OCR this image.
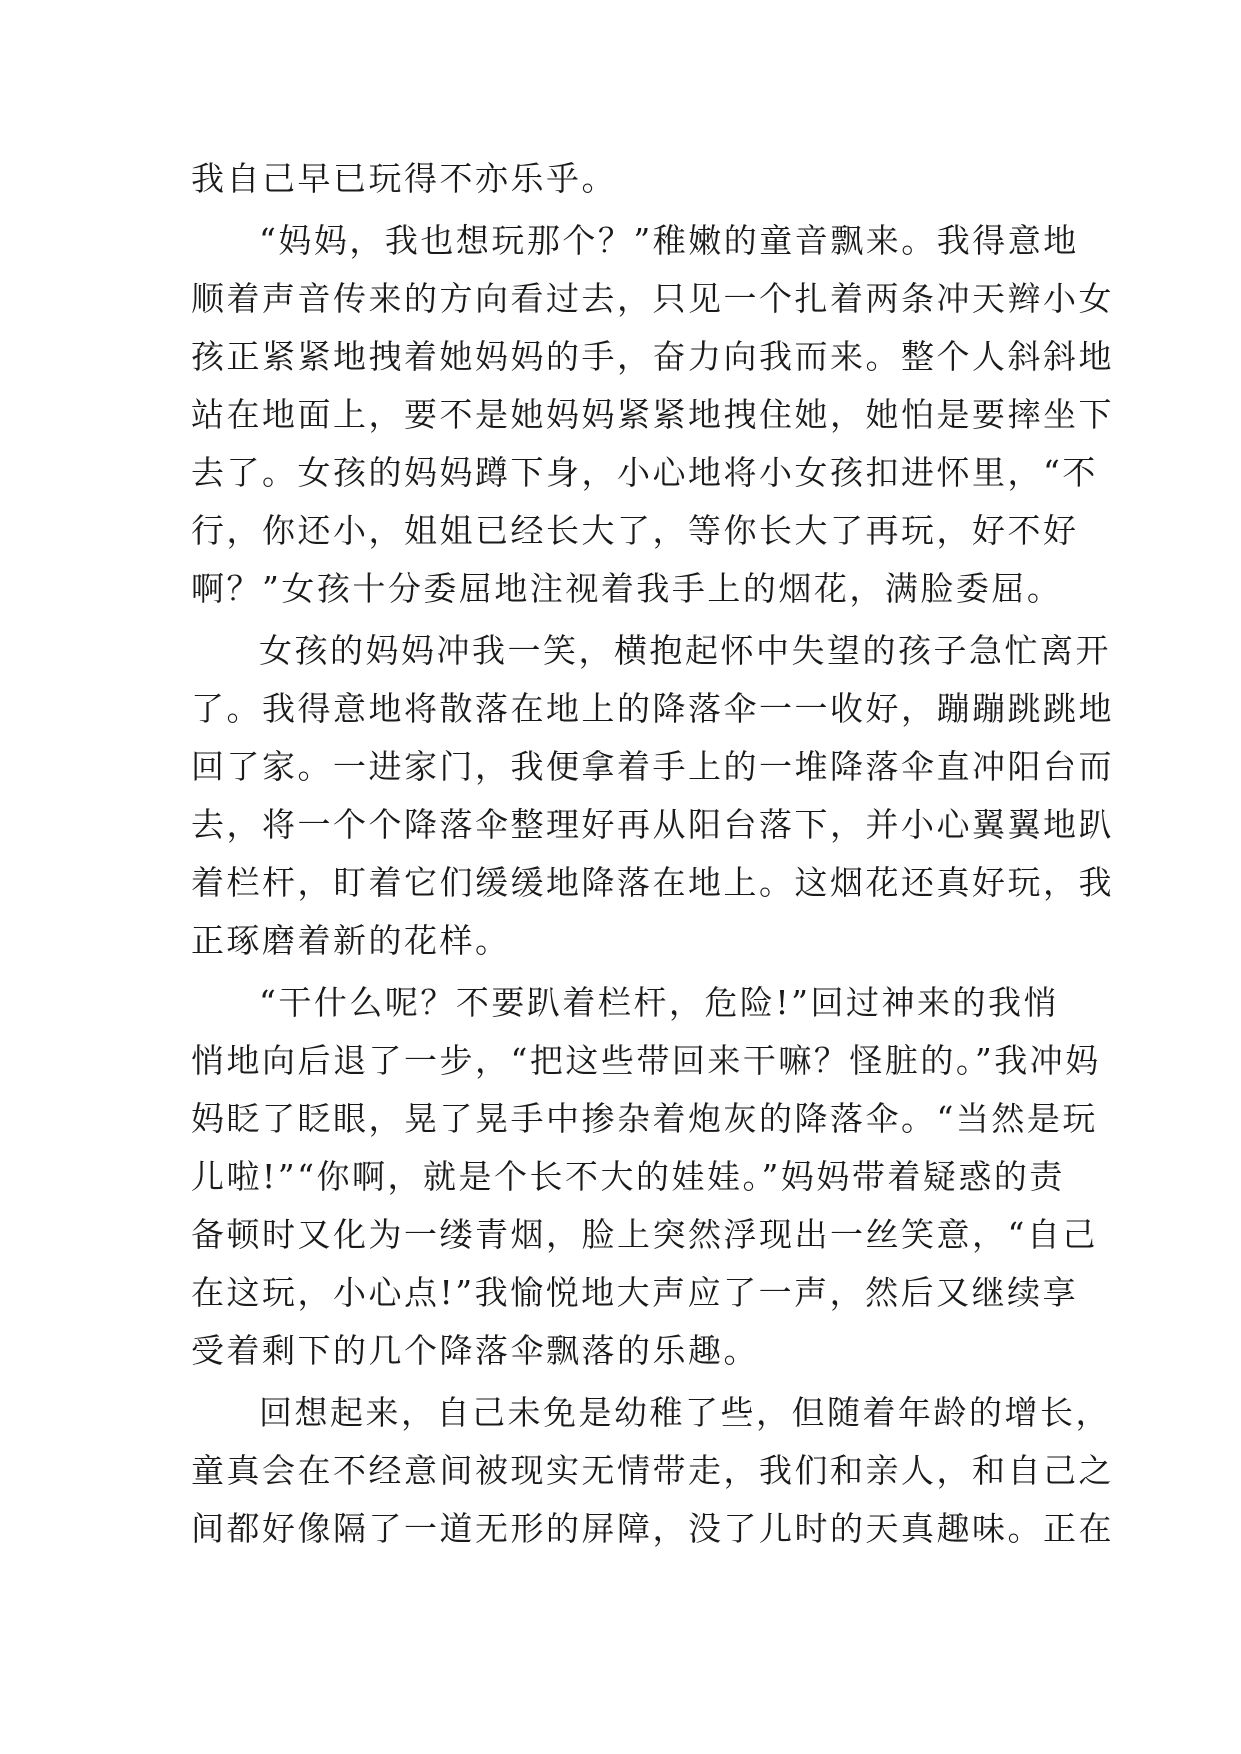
我自己早已玩得不亦乐乎。
“妈妈，我也想玩那个？”稚嫩的童音飘来。我得意地
顺着声音传来的方向看过去，只见一个扎着两条冲天辫小女
孩正紧紧地拽着她妈妈的手，奋力向我而来。整个人斜斜地
站在地面上，要不是她妈妈紧紧地拽住她，她怕是要摔坐下
去了。女孩的妈妈蹲下身，小心地将小女孩扣进怀里，“不
行，你还小，姐姐已经长大了，等你长大了再玩，好不好
啊？”女孩十分委屈地注视着我手上的烟花，满脸委屈。
女孩的妈妈冲我一笑，横抱起怀中失望的孩子急忙离开
了。我得意地将散落在地上的降落伞一一收好，蹦蹦跳跳地
回了家。一进家门，我便拿着手上的一堆降落伞直冲阳台而
去，将一个个降落伞整理好再从阳台落下，并小心翼翼地趴
着栏杆，盯着它们缓缓地降落在地上。这烟花还真好玩，我
正琢磨着新的花样。
“干什么呢？不要趴着栏杆，危险!”回过神来的我悄
悄地向后退了一步，“把这些带回来干嘛？怪脏的。”我冲妈
妈眨了眨眼，晃了晃手中掺杂着炮灰的降落伞。“当然是玩
儿啦!”“你啊，就是个长不大的娃娃。”妈妈带着疑惑的责
备顿时又化为一缕青烟，脸上突然浮现出一丝笑意，“自己
在这玩，小心点!”我愉悦地大声应了一声，然后又继续享
受着剩下的几个降落伞飘落的乐趣。
回想起来，自己未免是幼稚了些，但随着年龄的增长，
童真会在不经意间被现实无情带走，我们和亲人，和自己之
间都好像隔了一道无形的屏障，没了儿时的天真趣味。正在
